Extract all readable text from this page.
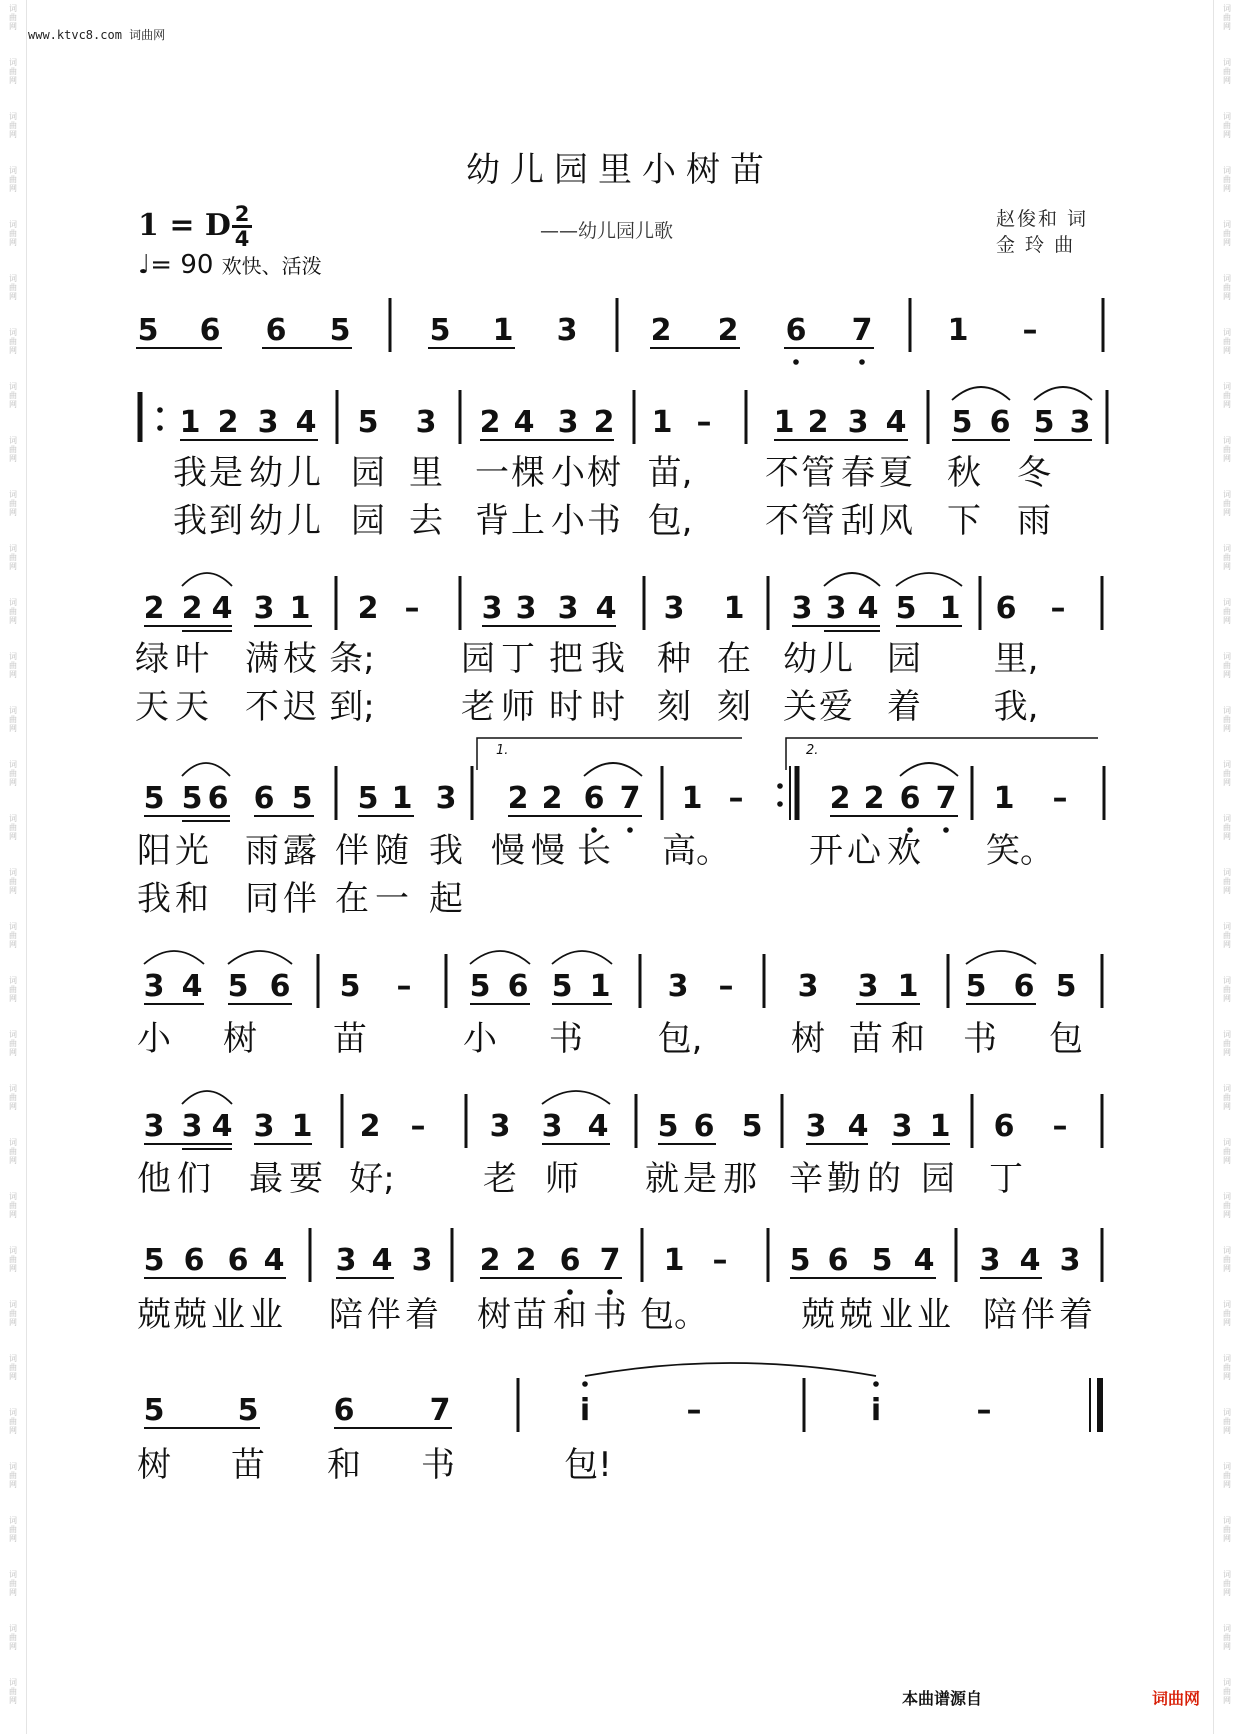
词
曲
网
词
曲
网
词
曲
网
词
曲
网
词
曲
网
词
曲
网
词
曲
网
词
曲
网
词
曲
网
词
曲
网
词
曲
网
词
曲
网
词
曲
网
词
曲
网
词
曲
网
词
曲
网
词
曲
网
词
曲
网
词
曲
网
词
曲
网
词
曲
网
词
曲
网
词
曲
网
词
曲
网
词
曲
网
词
曲
网
词
曲
网
词
曲
网
词
曲
网
词
曲
网
词
曲
网
词
曲
网
词
曲
网
词
曲
网
词
曲
网
词
曲
网
词
曲
网
词
曲
网
词
曲
网
词
曲
网
词
曲
网
词
曲
网
词
曲
网
词
曲
网
词
曲
网
词
曲
网
词
曲
网
词
曲
网
词
曲
网
词
曲
网
词
曲
网
词
曲
网
词
曲
网
词
曲
网
词
曲
网
词
曲
网
词
曲
网
词
曲
网
词
曲
网
词
曲
网
词
曲
网
词
曲
网
词
曲
网
词
曲
网
www.ktvc8.com 词曲网
幼儿园里小树苗
——幼儿园儿歌
赵俊和 词
金 玲 曲
1 = D 2
4
♩= 90 欢快、活泼
5 6 6 5	5 1 3 2 2 6 7	1 –
1 2 3 4 5 3 2 4 3 2 1 – 1 2 3 4 5 6 5 3
我 是 幼 儿 园 里 一 棵 小 树 苗, 不 管 春 夏 秋 冬
我 到 幼 儿 园 去 背 上 小 书 包, 不 管 刮 风 下 雨
2 2 4 3 1 2 – 3 3 3 4 3 1 3 3 4 5 1 6 –
绿 叶 满 枝 条;	园 丁 把 我 种 在 幼 儿 园 里,
天 天 不 迟 到;	老 师 时 时 刻 刻 关 爱 着 我,
5 5 6 6 5 5 1 3 2 2 6 7 1 –	2 2 6 7 1 –
1.	2.
阳 光 雨 露 伴 随 我 慢 慢 长 高。 开 心 欢 笑。
我 和 同 伴 在 一 起
3 4 5 6 5 – 5 6 5 1 3 – 3 3 1 5 6 5
小 树 苗	小 书 包,	树 苗 和 书 包
3 3 4 3 1 2 – 3 3 4 5 6 5 3 4 3 1 6 –
他 们 最 要 好;	老 师 就 是 那 辛 勤 的 园 丁
5 6 6 4 3 4 3 2 2 6 7 1 – 5 6 5 4 3 4 3
兢 兢 业 业 陪 伴 着 树 苗 和 书 包。	兢 兢 业 业 陪 伴 着
5 5	6	7	i	–	i	–
树 苗 和 书	包!
本曲谱源自	词曲网
